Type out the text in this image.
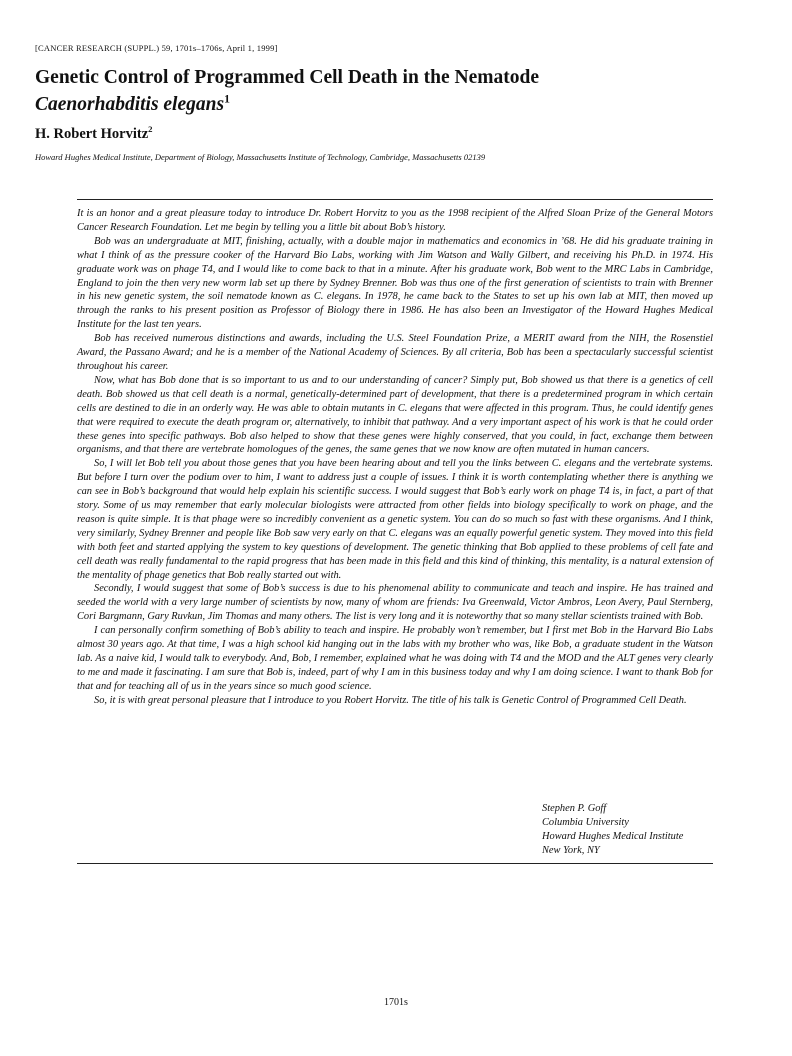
[CANCER RESEARCH (SUPPL.) 59, 1701s–1706s, April 1, 1999]
Genetic Control of Programmed Cell Death in the Nematode
Caenorhabditis elegans$^1$
H. Robert Horvitz$^2$
Howard Hughes Medical Institute, Department of Biology, Massachusetts Institute of Technology, Cambridge, Massachusetts 02139

It is an honor and a great pleasure today to introduce Dr. Robert Horvitz to you as the 1998 recipient of the Alfred Sloan Prize of the General Motors Cancer Research Foundation. Let me begin by telling you a little bit about Bob’s history.

Bob was an undergraduate at MIT, finishing, actually, with a double major in mathematics and economics in ’68. He did his graduate training in what I think of as the pressure cooker of the Harvard Bio Labs, working with Jim Watson and Wally Gilbert, and receiving his Ph.D. in 1974. His graduate work was on phage T4, and I would like to come back to that in a minute. After his graduate work, Bob went to the MRC Labs in Cambridge, England to join the then very new worm lab set up there by Sydney Brenner. Bob was thus one of the first generation of scientists to train with Brenner in his new genetic system, the soil nematode known as C. elegans. In 1978, he came back to the States to set up his own lab at MIT, then moved up through the ranks to his present position as Professor of Biology there in 1986. He has also been an Investigator of the Howard Hughes Medical Institute for the last ten years.

Bob has received numerous distinctions and awards, including the U.S. Steel Foundation Prize, a MERIT award from the NIH, the Rosenstiel Award, the Passano Award; and he is a member of the National Academy of Sciences. By all criteria, Bob has been a spectacularly successful scientist throughout his career.

Now, what has Bob done that is so important to us and to our understanding of cancer? Simply put, Bob showed us that there is a genetics of cell death. Bob showed us that cell death is a normal, genetically-determined part of development, that there is a predetermined program in which certain cells are destined to die in an orderly way. He was able to obtain mutants in C. elegans that were affected in this program. Thus, he could identify genes that were required to execute the death program or, alternatively, to inhibit that pathway. And a very important aspect of his work is that he could order these genes into specific pathways. Bob also helped to show that these genes were highly conserved, that you could, in fact, exchange them between organisms, and that there are vertebrate homologues of the genes, the same genes that we now know are often mutated in human cancers.

So, I will let Bob tell you about those genes that you have been hearing about and tell you the links between C. elegans and the vertebrate systems. But before I turn over the podium over to him, I want to address just a couple of issues. I think it is worth contemplating whether there is anything we can see in Bob’s background that would help explain his scientific success. I would suggest that Bob’s early work on phage T4 is, in fact, a part of that story. Some of us may remember that early molecular biologists were attracted from other fields into biology specifically to work on phage, and the reason is quite simple. It is that phage were so incredibly convenient as a genetic system. You can do so much so fast with these organisms. And I think, very similarly, Sydney Brenner and people like Bob saw very early on that C. elegans was an equally powerful genetic system. They moved into this field with both feet and started applying the system to key questions of development. The genetic thinking that Bob applied to these problems of cell fate and cell death was really fundamental to the rapid progress that has been made in this field and this kind of thinking, this mentality, is a natural extension of the mentality of phage genetics that Bob really started out with.

Secondly, I would suggest that some of Bob’s success is due to his phenomenal ability to communicate and teach and inspire. He has trained and seeded the world with a very large number of scientists by now, many of whom are friends: Iva Greenwald, Victor Ambros, Leon Avery, Paul Sternberg, Cori Bargmann, Gary Ruvkun, Jim Thomas and many others. The list is very long and it is noteworthy that so many stellar scientists trained with Bob.

I can personally confirm something of Bob’s ability to teach and inspire. He probably won’t remember, but I first met Bob in the Harvard Bio Labs almost 30 years ago. At that time, I was a high school kid hanging out in the labs with my brother who was, like Bob, a graduate student in the Watson lab. As a naive kid, I would talk to everybody. And, Bob, I remember, explained what he was doing with T4 and the MOD and the ALT genes very clearly to me and made it fascinating. I am sure that Bob is, indeed, part of why I am in this business today and why I am doing science. I want to thank Bob for that and for teaching all of us in the years since so much good science.

So, it is with great personal pleasure that I introduce to you Robert Horvitz. The title of his talk is Genetic Control of Programmed Cell Death.

Stephen P. Goff
Columbia University
Howard Hughes Medical Institute
New York, NY
1701s
